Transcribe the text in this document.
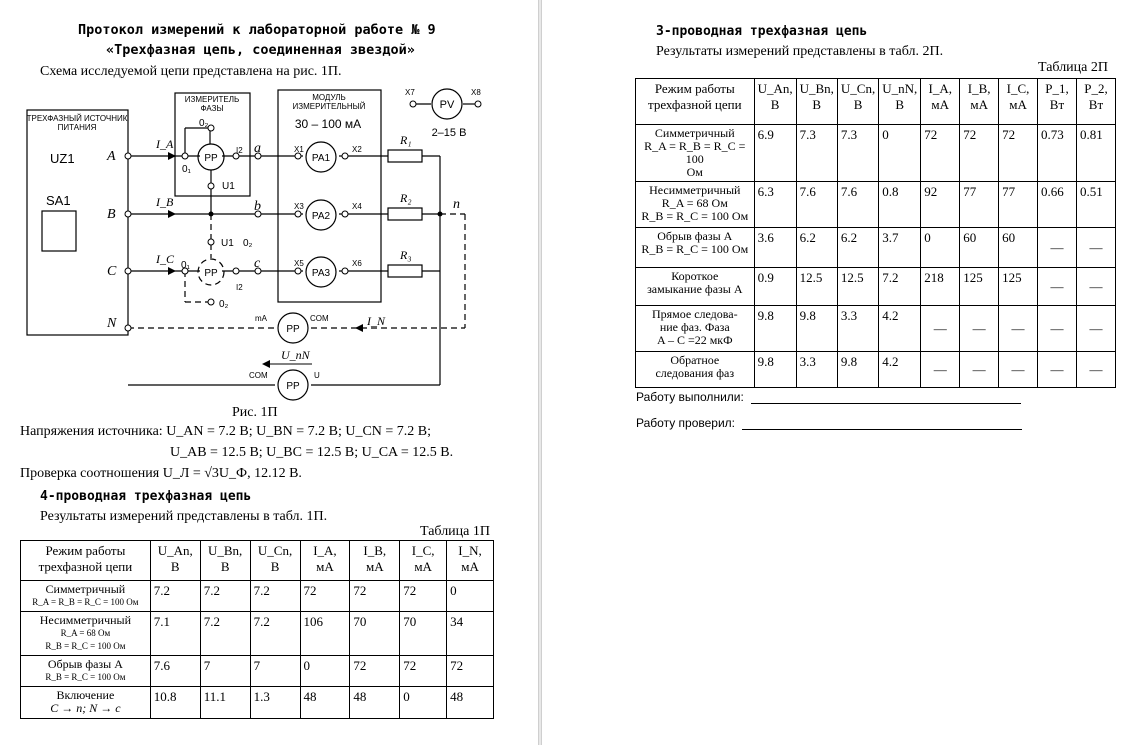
Протокол измерений к лабораторной работе № 9
«Трехфазная цепь, соединенная звездой»
Схема исследуемой цепи представлена на рис. 1П.
ТРЕХФАЗНЫЙ ИСТОЧНИК
ПИТАНИЯ
UZ1
SA1
ИЗМЕРИТЕЛЬ
ФАЗЫ
МОДУЛЬ
ИЗМЕРИТЕЛЬНЫЙ
30 – 100 мА
2–15 В
PV
PP
PP
PP
PP
PA1
PA2
PA3
X1	X2
X3	X4
X5	X6
X7	X8
0₂
0₁
U1
I2
U1 0₂
0₁
I2
0₂
mA	COM
COM	U
A
B
C
N
a
b
c
n
R₁
R₂
R₃
I_A
I_B
I_C
I_N
U_nN
Рис. 1П
Напряжения источника: U_AN = 7.2 В; U_BN = 7.2 В; U_CN = 7.2 В;
U_AB = 12.5 В; U_BC = 12.5 В; U_CA = 12.5 В.
Проверка соотношения U_Л = √3U_Ф, 12.12 В.
4-проводная трехфазная цепь
Результаты измерений представлены в табл. 1П.
Таблица 1П
Режим работы трехфазной цепи	U_An, В	U_Bn, В	U_Cn, В	I_A, мА	I_B, мА	I_C, мА	I_N, мА

Симметричный
R_A = R_B = R_C = 100 Ом	7.2	7.2	7.2	72	72	72	0

Несимметричный
R_A = 68 Ом
R_B = R_C = 100 Ом	7.1	7.2	7.2	106	70	70	34

Обрыв фазы А
R_B = R_C = 100 Ом	7.6	7	7	0	72	72	72

Включение
C → n; N → c	10.8	11.1	1.3	48	48	0	48
3-проводная трехфазная цепь
Результаты измерений представлены в табл. 2П.
Таблица 2П
Режим работы трехфазной цепи	U_An, В	U_Bn, В	U_Cn, В	U_nN, В	I_A, мА	I_B, мА	I_C, мА	P_1, Вт	P_2, Вт

Симметричный
R_A = R_B = R_C = 100
Ом	6.9	7.3	7.3	0	72	72	72	0.73	0.81

Несимметричный
R_A = 68 Ом
R_B = R_C = 100 Ом	6.3	7.6	7.6	0.8	92	77	77	0.66	0.51

Обрыв фазы А
R_B = R_C = 100 Ом	3.6	6.2	6.2	3.7	0	60	60	—	—

Короткое
замыкание фазы А	0.9	12.5	12.5	7.2	218	125	125	—	—

Прямое следова-
ние фаз. Фаза
A – C =22 мкФ	9.8	9.8	3.3	4.2	—	—	—	—	—

Обратное
следования фаз	9.8	3.3	9.8	4.2	—	—	—	—	—
Работу выполнили:
Работу проверил:
